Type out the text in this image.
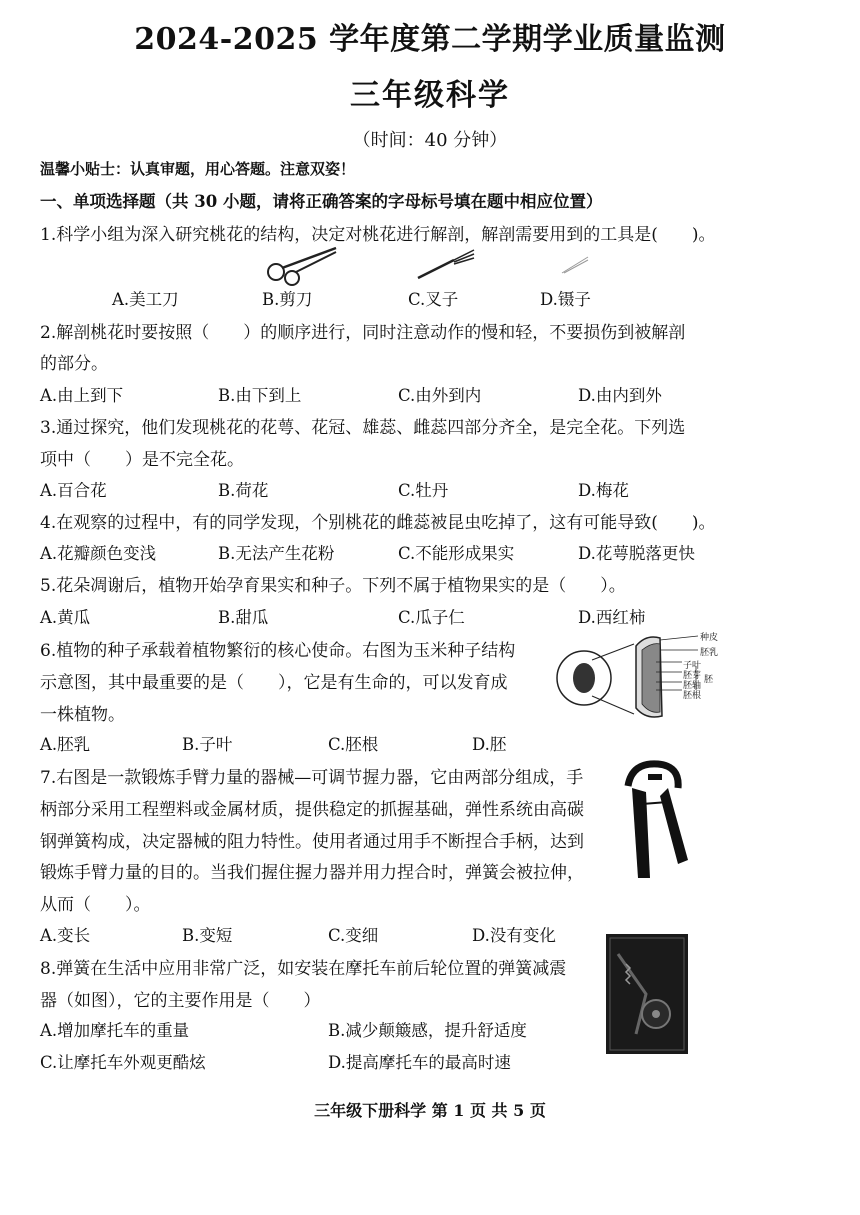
2024-2025 学年度第二学期学业质量监测
三年级科学
（时间：40 分钟）
温馨小贴士：认真审题，用心答题。注意双姿！
一、单项选择题（共 30 小题，请将正确答案的字母标号填在题中相应位置）
1.科学小组为深入研究桃花的结构，决定对桃花进行解剖，解剖需要用到的工具是(　　)。
A.美工刀	B.剪刀	C.叉子	D.镊子
2.解剖桃花时要按照（　　）的顺序进行，同时注意动作的慢和轻，不要损伤到被解剖
的部分。
A.由上到下	B.由下到上	C.由外到内	D.由内到外
3.通过探究，他们发现桃花的花萼、花冠、雄蕊、雌蕊四部分齐全，是完全花。下列选
项中（　　）是不完全花。
A.百合花	B.荷花	C.牡丹	D.梅花
4.在观察的过程中，有的同学发现，个别桃花的雌蕊被昆虫吃掉了，这有可能导致(　　)。
A.花瓣颜色变浅	B.无法产生花粉	C.不能形成果实	D.花萼脱落更快
5.花朵凋谢后，植物开始孕育果实和种子。下列不属于植物果实的是（　　）。
A.黄瓜	B.甜瓜	C.瓜子仁	D.西红柿
6.植物的种子承载着植物繁衍的核心使命。右图为玉米种子结构
示意图，其中最重要的是（　　），它是有生命的，可以发育成
一株植物。
A.胚乳	B.子叶	C.胚根	D.胚
种皮
胚乳
子叶
胚芽
胚轴
胚根
胚
7.右图是一款锻炼手臂力量的器械—可调节握力器，它由两部分组成，手
柄部分采用工程塑料或金属材质，提供稳定的抓握基础，弹性系统由高碳
钢弹簧构成，决定器械的阻力特性。使用者通过用手不断捏合手柄，达到
锻炼手臂力量的目的。当我们握住握力器并用力捏合时，弹簧会被拉伸，
从而（　　）。
A.变长	B.变短	C.变细	D.没有变化
8.弹簧在生活中应用非常广泛，如安装在摩托车前后轮位置的弹簧减震
器（如图），它的主要作用是（　　）
A.增加摩托车的重量	B.减少颠簸感，提升舒适度
C.让摩托车外观更酷炫	D.提高摩托车的最高时速
三年级下册科学 第 1 页 共 5 页
